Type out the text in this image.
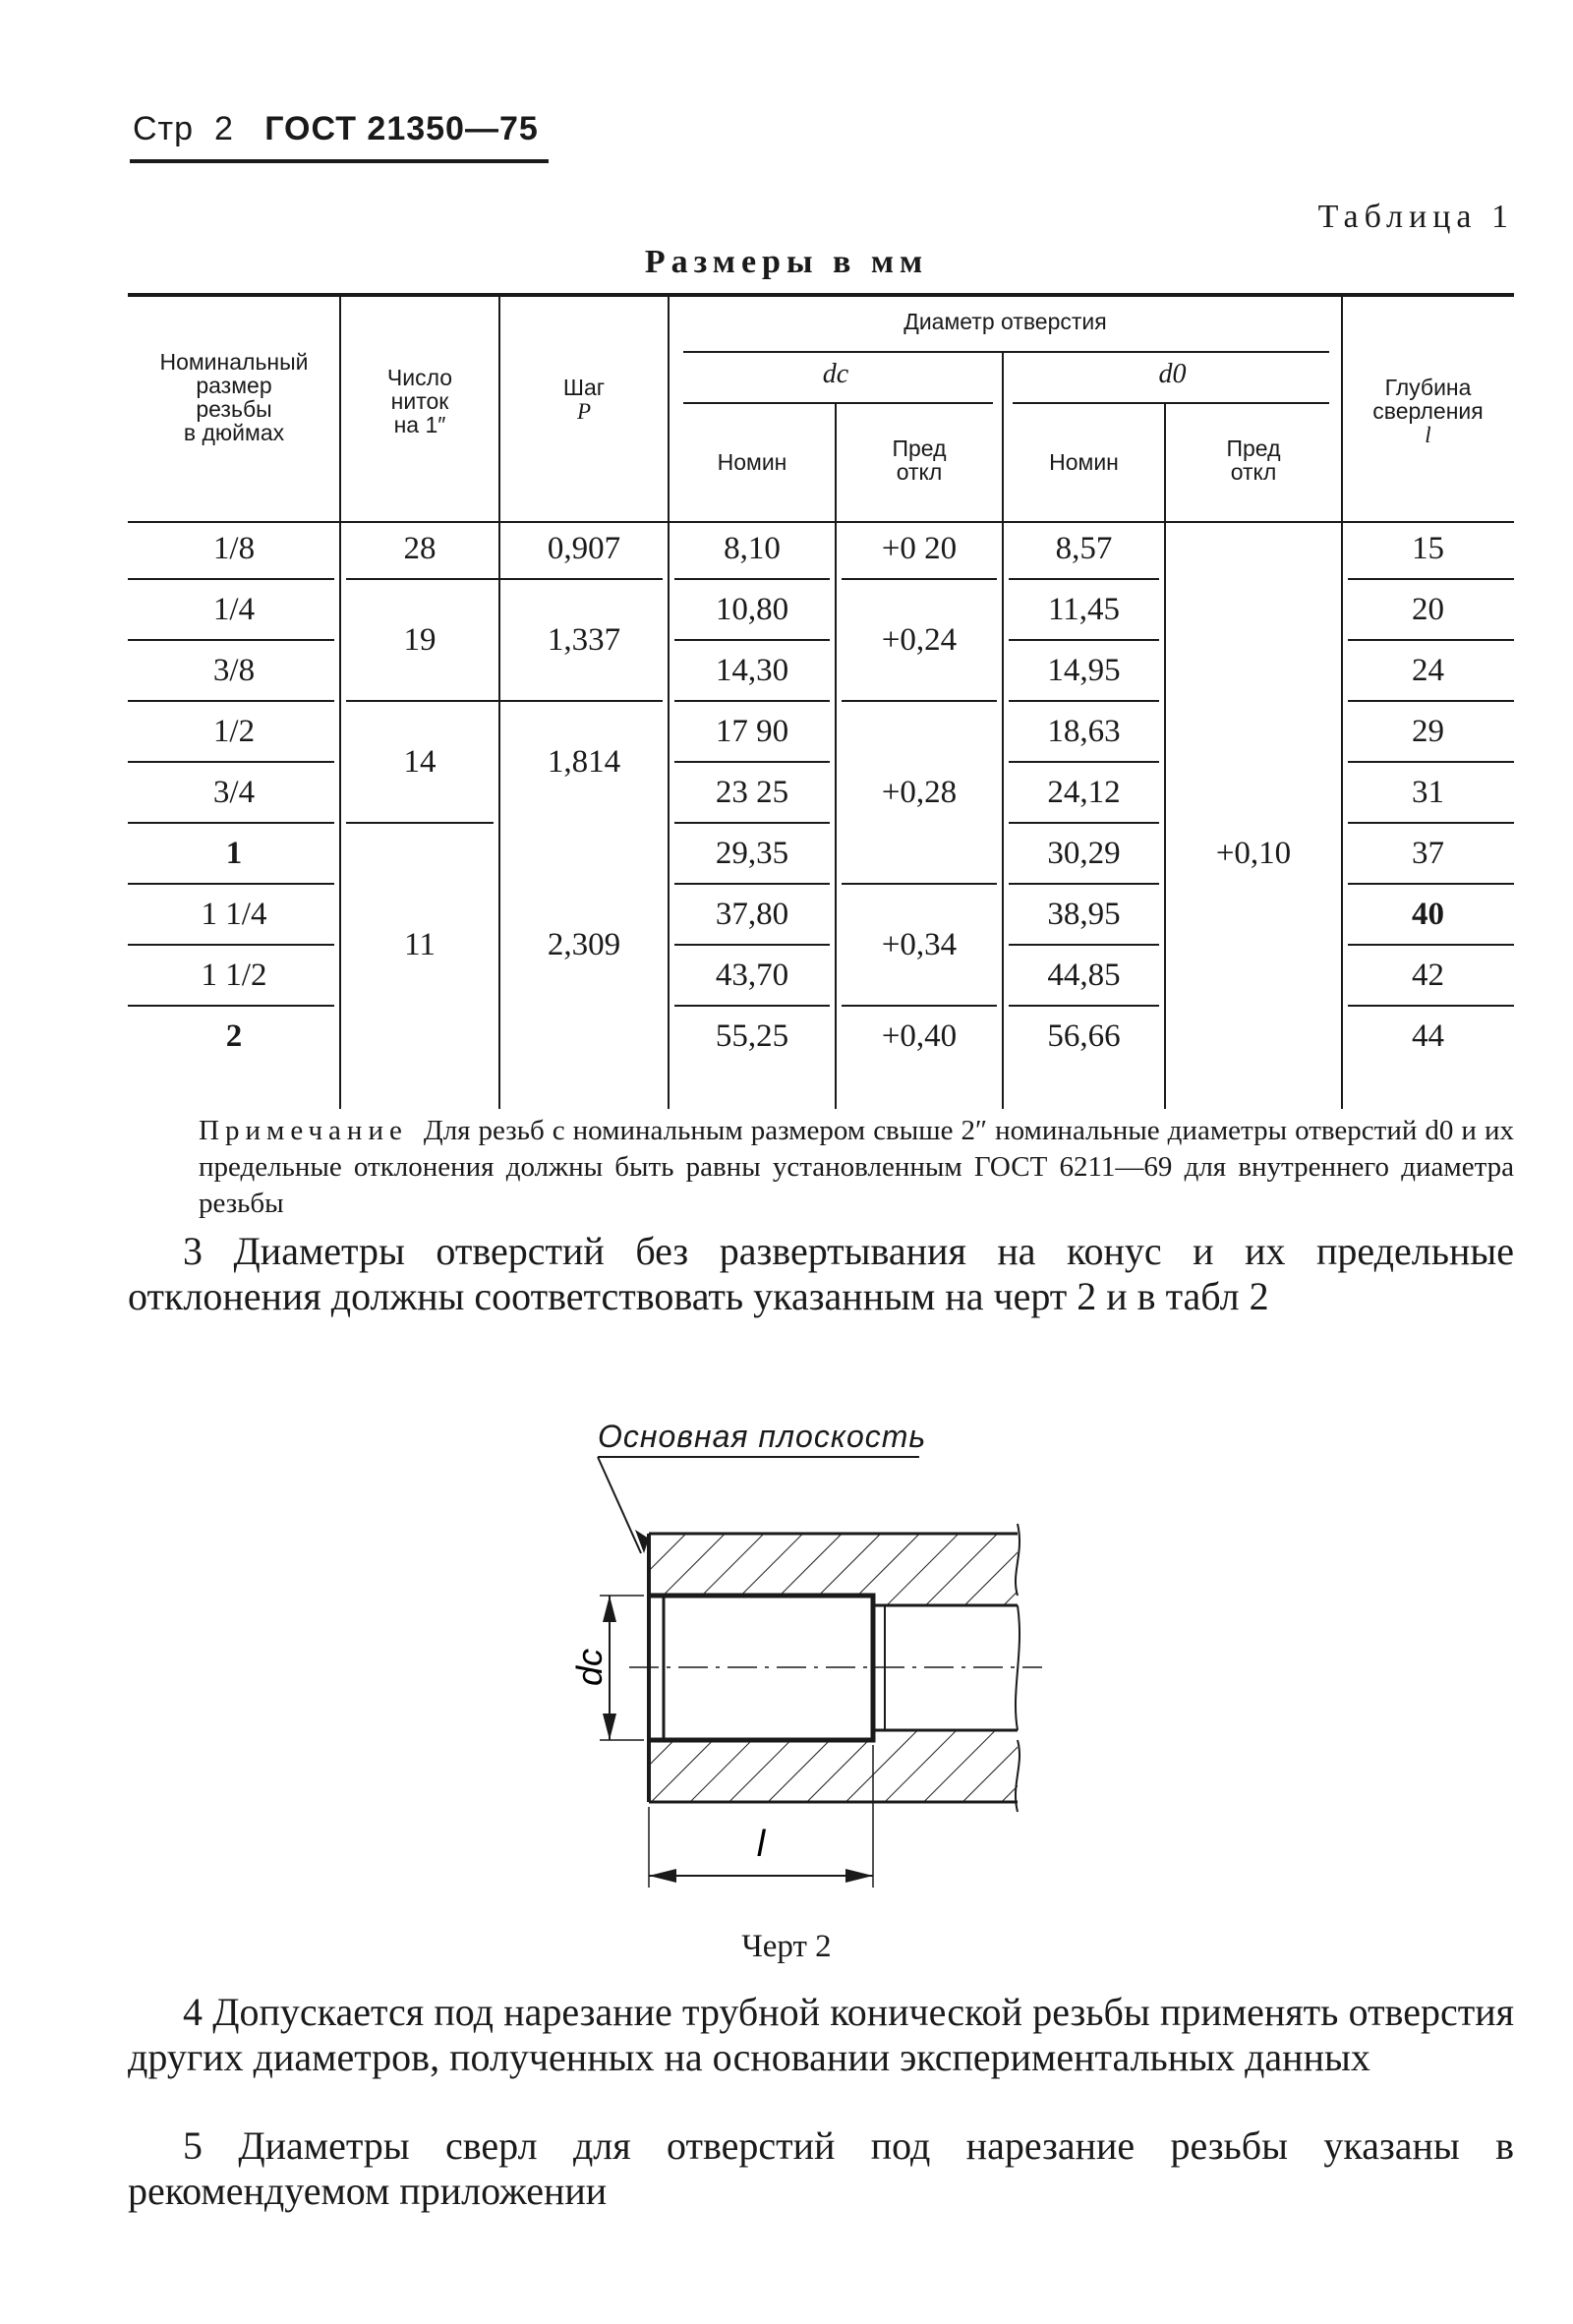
Стр 2 ГОСТ 21350—75
Таблица 1
Размеры в мм
Номинальный
размер
резьбы
в дюймах
Число
ниток
на 1″
Шаг
P
Диаметр отверстия
dс	d0
Номин
Пред
откл	Номин
Пред
откл
Глубина
сверления
l
1/8
1/4
3/8
1/2
3/4
1
1 1/4
1 1/2
2
28
19
14
11
0,907
1,337
1,814
2,309
8,10
10,80
14,30
17 90
23 25
29,35
37,80
43,70
55,25
+0 20
+0,24
+0,28
+0,34
+0,40
8,57
11,45
14,95
18,63
24,12
30,29
38,95
44,85
56,66
+0,10
15
20
24
29
31
37
40
42
44
Примечание Для резьб с номинальным размером свыше 2″ номинальные диаметры отверстий d0 и их предельные отклонения должны быть равны установленным ГОСТ 6211—69 для внутреннего диаметра резьбы
3 Диаметры отверстий без развертывания на конус и их предельные отклонения должны соответствовать указанным на черт 2 и в табл 2
dc
l
Основная плоскость
Черт 2
4 Допускается под нарезание трубной конической резьбы применять отверстия других диаметров, полученных на основании экспериментальных данных
5 Диаметры сверл для отверстий под нарезание резьбы указаны в рекомендуемом приложении
